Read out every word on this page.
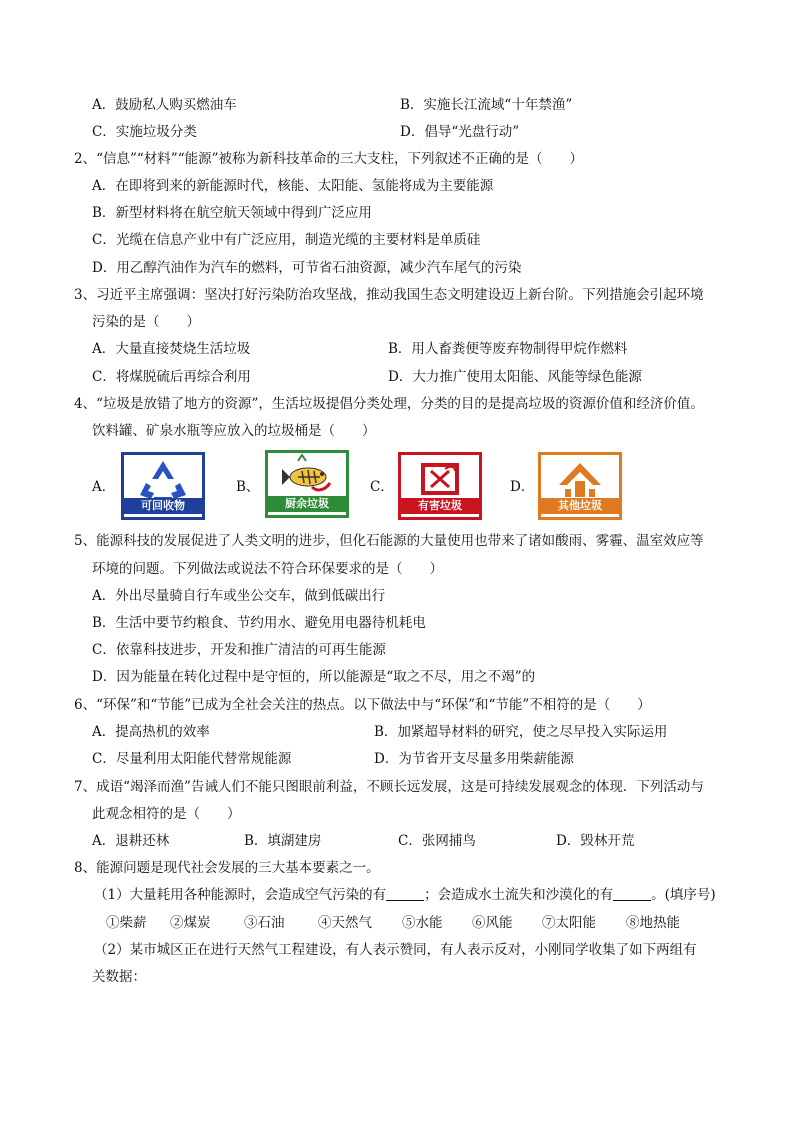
A．鼓励私人购买燃油车	B．实施长江流域“十年禁渔”
C．实施垃圾分类	D．倡导“光盘行动”
2、“信息”“材料”“能源”被称为新科技革命的三大支柱，下列叙述不正确的是（　　）
A．在即将到来的新能源时代，核能、太阳能、氢能将成为主要能源
B．新型材料将在航空航天领域中得到广泛应用
C．光缆在信息产业中有广泛应用，制造光缆的主要材料是单质硅
D．用乙醇汽油作为汽车的燃料，可节省石油资源，减少汽车尾气的污染
3、习近平主席强调：坚决打好污染防治攻坚战，推动我国生态文明建设迈上新台阶。下列措施会引起环境
污染的是（　　）
A．大量直接焚烧生活垃圾	B．用人畜粪便等废弃物制得甲烷作燃料
C．将煤脱硫后再综合利用	D．大力推广使用太阳能、风能等绿色能源
4、“垃圾是放错了地方的资源”，生活垃圾提倡分类处理，分类的目的是提高垃圾的资源价值和经济价值。
饮料罐、矿泉水瓶等应放入的垃圾桶是（　　）
A．	B、	C．	D．
可回收物	厨余垃圾	有害垃圾	其他垃圾
5、能源科技的发展促进了人类文明的进步，但化石能源的大量使用也带来了诸如酸雨、雾霾、温室效应等
环境的问题。下列做法或说法不符合环保要求的是（　　）
A．外出尽量骑自行车或坐公交车，做到低碳出行
B．生活中要节约粮食、节约用水、避免用电器待机耗电
C．依靠科技进步，开发和推广清洁的可再生能源
D．因为能量在转化过程中是守恒的，所以能源是“取之不尽，用之不竭”的
6、“环保”和“节能”已成为全社会关注的热点。以下做法中与“环保”和“节能”不相符的是（　　）
A．提高热机的效率	B．加紧超导材料的研究，使之尽早投入实际运用
C．尽量利用太阳能代替常规能源	D．为节省开支尽量多用柴薪能源
7、成语“竭泽而渔”告诫人们不能只图眼前利益，不顾长远发展，这是可持续发展观念的体现．下列活动与
此观念相符的是（　　）
A．退耕还林	B．填湖建房	C．张网捕鸟	D．毁林开荒
8、能源问题是现代社会发展的三大基本要素之一。
（1）大量耗用各种能源时，会造成空气污染的有	；会造成水土流失和沙漠化的有	。(填序号)
①柴薪 ②煤炭 ③石油 ④天然气 ⑤水能 ⑥风能 ⑦太阳能 ⑧地热能
（2）某市城区正在进行天然气工程建设，有人表示赞同，有人表示反对，小刚同学收集了如下两组有
关数据：
